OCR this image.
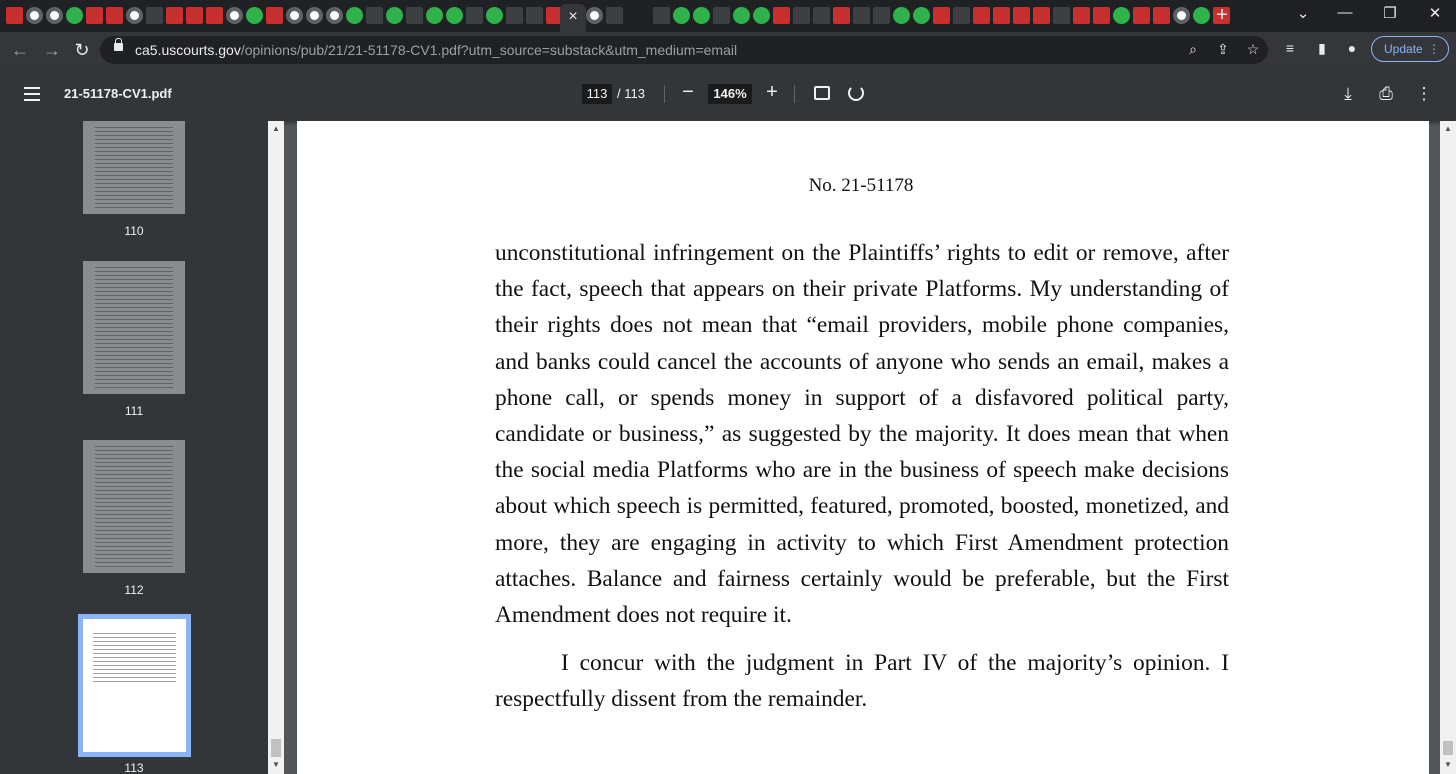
×	+	⌄	—	❐	✕
← → ↻	ca5.uscourts.gov/opinions/pub/21/21-51178-CV1.pdf?utm_source=substack&utm_medium=email	⌕	⇪ ☆	≡	▮	●	Update ⋮
21-51178-CV1.pdf	113 / 113	−	146% +	⤓	⎙ ⋮
110
111
112
113
▲
▼
No. 21-51178

unconstitutional infringement on the Plaintiffs’ rights to edit or remove, after the fact, speech that appears on their private Platforms. My understanding of their rights does not mean that “email providers, mobile phone companies, and banks could cancel the accounts of anyone who sends an email, makes a phone call, or spends money in support of a disfavored political party, candidate or business,” as suggested by the majority. It does mean that when the social media Platforms who are in the business of speech make decisions about which speech is permitted, featured, promoted, boosted, monetized, and more, they are engaging in activity to which First Amendment protection attaches. Balance and fairness certainly would be preferable, but the First Amendment does not require it.

I concur with the judgment in Part IV of the majority’s opinion. I respectfully dissent from the remainder.

▲
▼
